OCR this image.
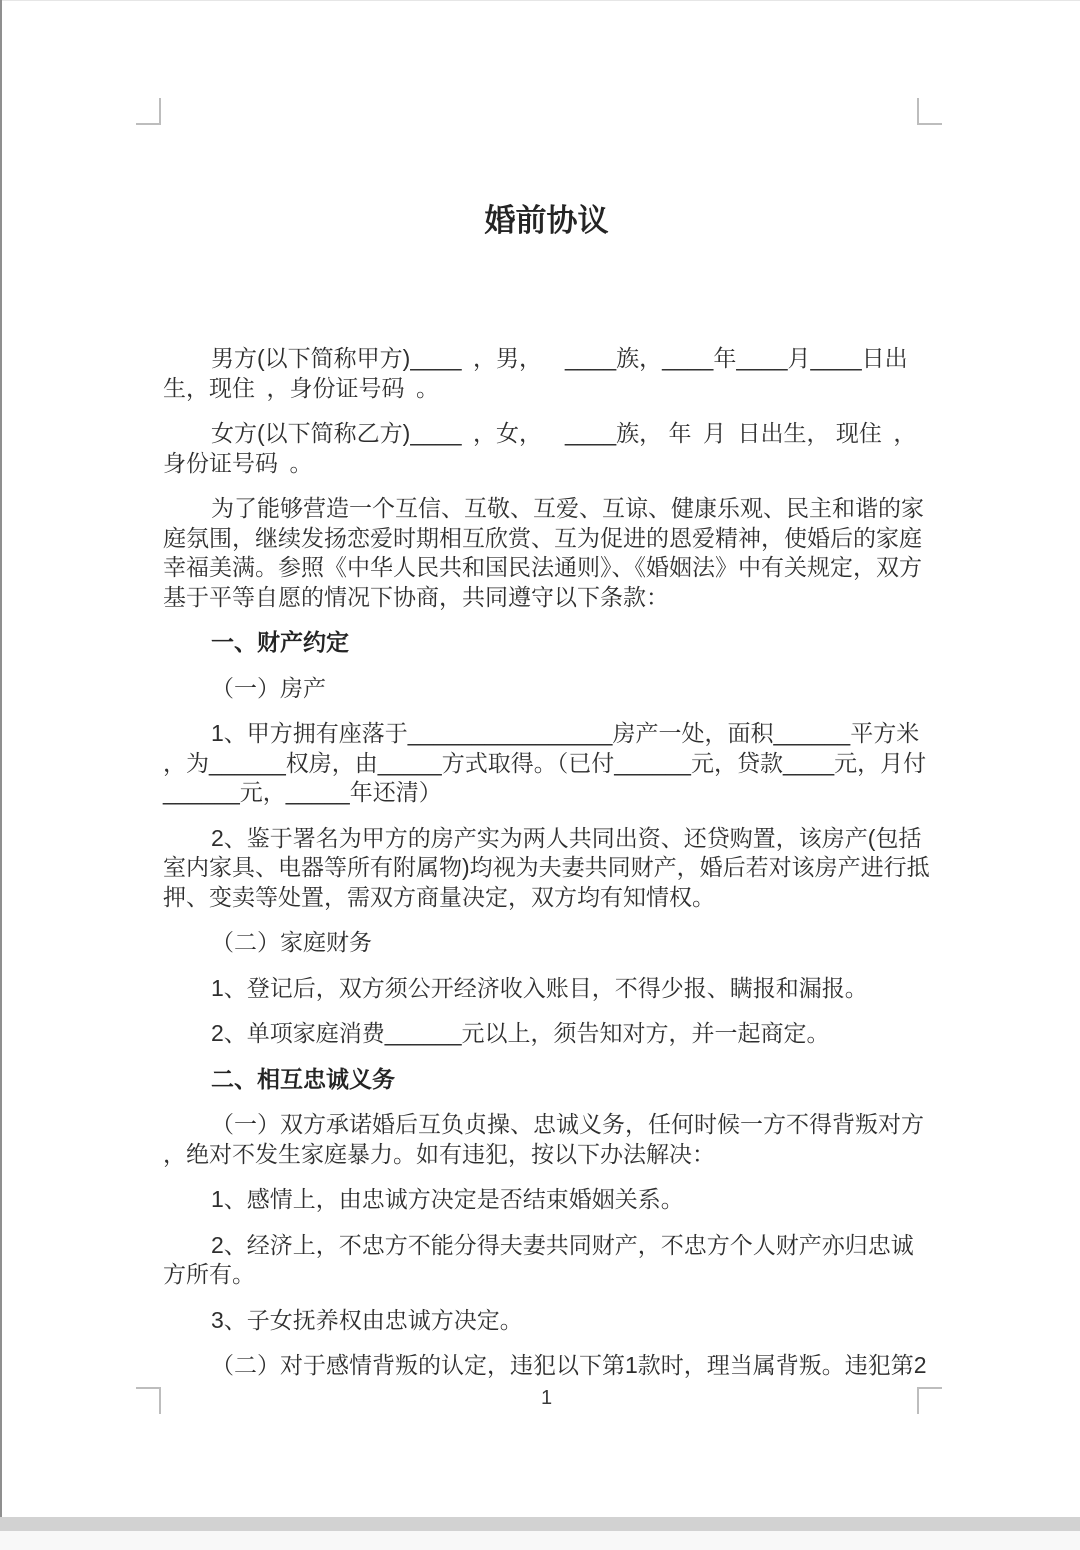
婚前协议

男方(以下简称甲方)____ ，男，  ____族，____年____月____日出生，现住 ，身份证号码 。

女方(以下简称乙方)____ ，女，  ____族， 年 月 日出生， 现住 ，身份证号码 。

为了能够营造一个互信、互敬、互爱、互谅、健康乐观、民主和谐的家庭氛围，继续发扬恋爱时期相互欣赏、互为促进的恩爱精神，使婚后的家庭幸福美满。参照《中华人民共和国民法通则》、《婚姻法》中有关规定，双方基于平等自愿的情况下协商，共同遵守以下条款：

一、财产约定

（一）房产

1、甲方拥有座落于________________房产一处，面积______平方米，为______权房，由_____方式取得。（已付______元，贷款____元，月付______元，_____年还清）

2、鉴于署名为甲方的房产实为两人共同出资、还贷购置，该房产(包括室内家具、电器等所有附属物)均视为夫妻共同财产，婚后若对该房产进行抵押、变卖等处置，需双方商量决定，双方均有知情权。

（二）家庭财务

1、登记后，双方须公开经济收入账目，不得少报、瞒报和漏报。

2、单项家庭消费______元以上，须告知对方，并一起商定。

二、相互忠诚义务

（一）双方承诺婚后互负贞操、忠诚义务，任何时候一方不得背叛对方，绝对不发生家庭暴力。如有违犯，按以下办法解决：

1、感情上，由忠诚方决定是否结束婚姻关系。

2、经济上，不忠方不能分得夫妻共同财产，不忠方个人财产亦归忠诚方所有。

3、子女抚养权由忠诚方决定。

（二）对于感情背叛的认定，违犯以下第1款时，理当属背叛。违犯第2

1
